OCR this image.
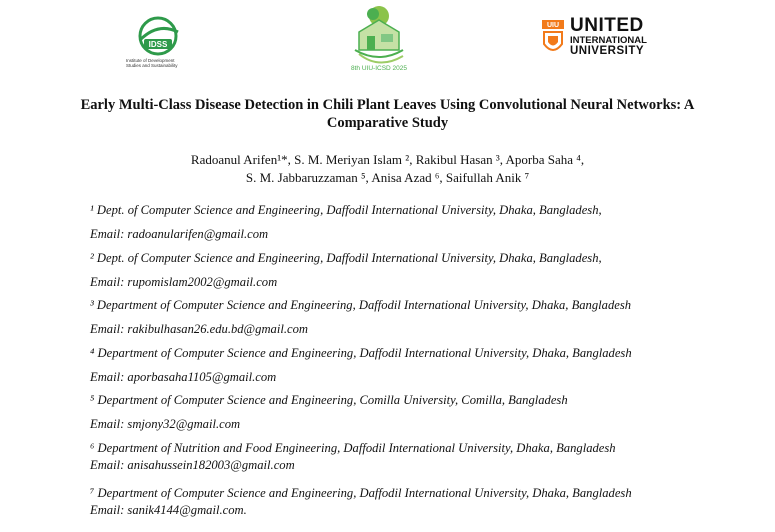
IDSS
Institute of Development Studies and Sustainability	8th UIU-ICSD 2025
UIU UNITED
INTERNATIONAL
UNIVERSITY
Early Multi-Class Disease Detection in Chili Plant Leaves Using Convolutional Neural Networks: A Comparative Study
Radoanul Arifen¹*, S. M. Meriyan Islam ², Rakibul Hasan ³, Aporba Saha ⁴,
S. M. Jabbaruzzaman ⁵, Anisa Azad ⁶, Saifullah Anik ⁷
¹ Dept. of Computer Science and Engineering, Daffodil International University, Dhaka, Bangladesh,
Email: radoanularifen@gmail.com
² Dept. of Computer Science and Engineering, Daffodil International University, Dhaka, Bangladesh,
Email: rupomislam2002@gmail.com
³ Department of Computer Science and Engineering, Daffodil International University, Dhaka, Bangladesh
Email: rakibulhasan26.edu.bd@gmail.com
⁴ Department of Computer Science and Engineering, Daffodil International University, Dhaka, Bangladesh
Email: aporbasaha1105@gmail.com
⁵ Department of Computer Science and Engineering, Comilla University, Comilla, Bangladesh
Email: smjony32@gmail.com
⁶ Department of Nutrition and Food Engineering, Daffodil International University, Dhaka, Bangladesh
Email: anisahussein182003@gmail.com
⁷ Department of Computer Science and Engineering, Daffodil International University, Dhaka, Bangladesh
Email: sanik4144@gmail.com.
